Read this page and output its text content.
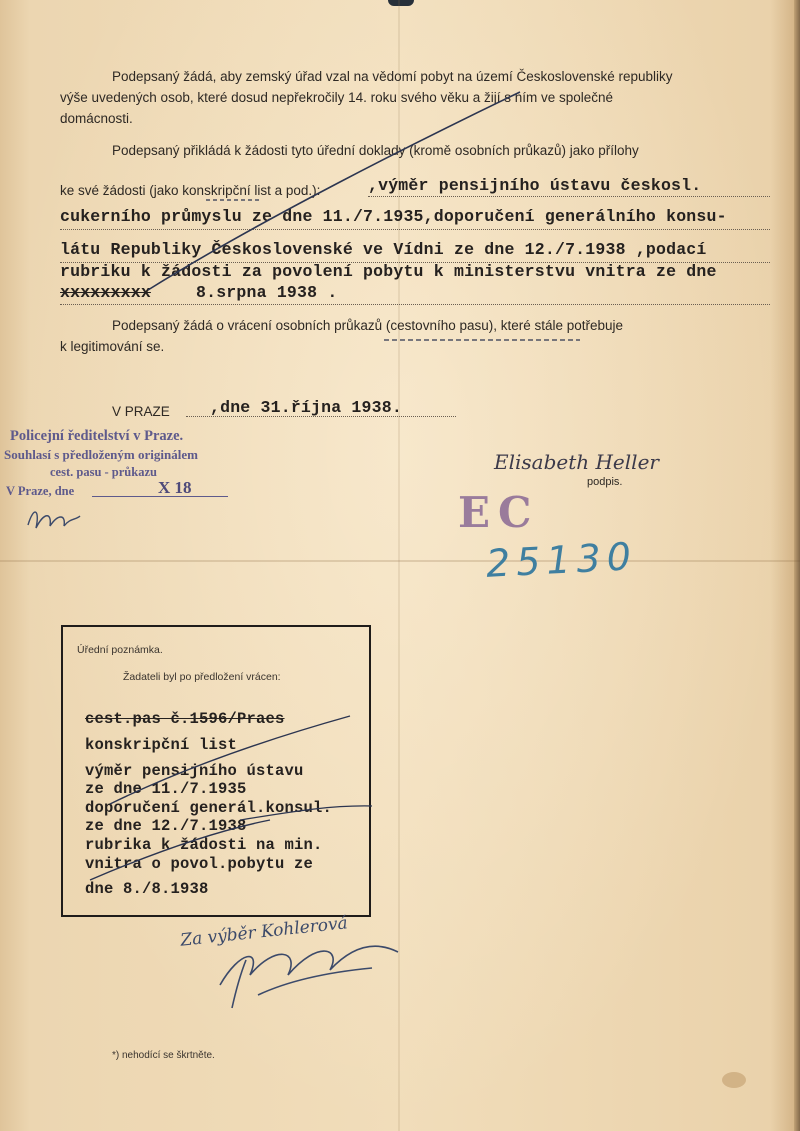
Podepsaný žádá, aby zemský úřad vzal na vědomí pobyt na území Československé republiky
výše uvedených osob, které dosud nepřekročily 14. roku svého věku a žijí s ním ve společné
domácnosti.
Podepsaný přikládá k žádosti tyto úřední doklady (kromě osobních průkazů) jako přílohy
ke své žádosti (jako konskripční list a pod.):	,výměr pensijního ústavu českosl.
cukerního průmyslu ze dne 11./7.1935,doporučení generálního konsu-
látu Republiky Československé ve Vídni ze dne 12./7.1938 ,podací
rubriku k žádosti za povolení pobytu k ministerstvu vnitra ze dne
xxxxxxxxx	8.srpna 1938 .
Podepsaný žádá o vrácení osobních průkazů (cestovního pasu), které stále potřebuje
k legitimování se.
V PRAZE ,dne 31.října 1938.
Policejní ředitelství v Praze.
Souhlasí s předloženým originálem
cest. pasu - průkazu
V Praze, dne	X 18
Elisabeth Heller
podpis.
EC
25130
Úřední poznámka.
Žadateli byl po předložení vrácen:
cest.pas č.1596/Praes
konskripční list
výměr pensijního ústavu
ze dne 11./7.1935
doporučení generál.konsul.
ze dne 12./7.1938
rubrika k žádosti na min.
vnitra o povol.pobytu ze
dne 8./8.1938
Za výběr Kohlerová
*) nehodící se škrtněte.
